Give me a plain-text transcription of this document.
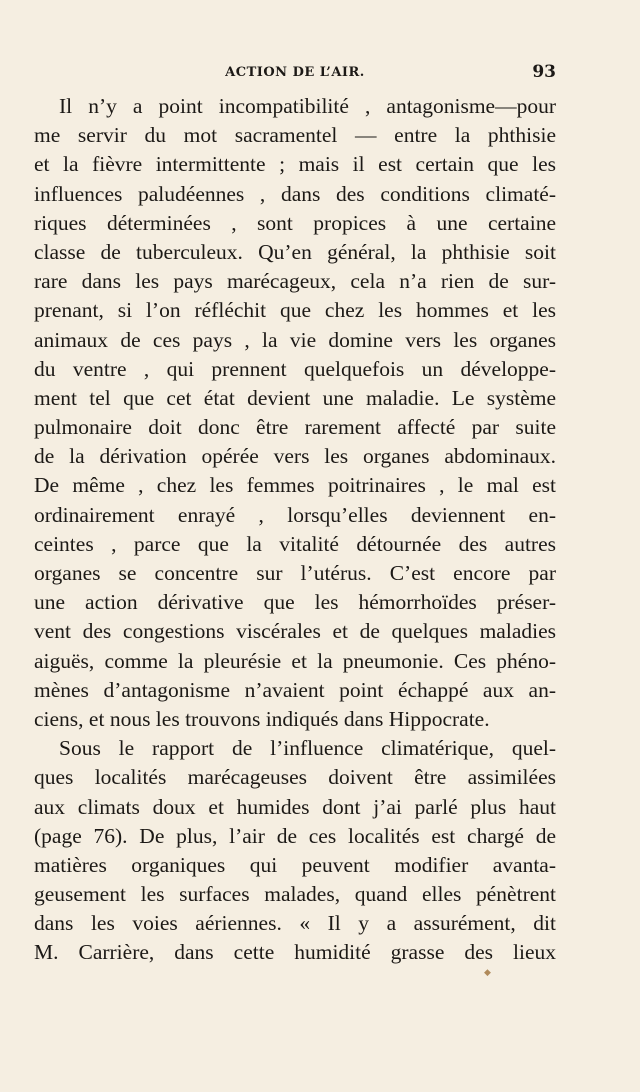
ACTION DE L’AIR.	93
Il n’y a point incompatibilité , antagonisme—pour
me servir du mot sacramentel — entre la phthisie
et la fièvre intermittente ; mais il est certain que les
influences paludéennes , dans des conditions climaté-
riques déterminées , sont propices à une certaine
classe de tuberculeux. Qu’en général, la phthisie soit
rare dans les pays marécageux, cela n’a rien de sur-
prenant, si l’on réfléchit que chez les hommes et les
animaux de ces pays , la vie domine vers les organes
du ventre , qui prennent quelquefois un développe-
ment tel que cet état devient une maladie. Le système
pulmonaire doit donc être rarement affecté par suite
de la dérivation opérée vers les organes abdominaux.
De même , chez les femmes poitrinaires , le mal est
ordinairement enrayé , lorsqu’elles deviennent en-
ceintes , parce que la vitalité détournée des autres
organes se concentre sur l’utérus. C’est encore par
une action dérivative que les hémorrhoïdes préser-
vent des congestions viscérales et de quelques maladies
aiguës, comme la pleurésie et la pneumonie. Ces phéno-
mènes d’antagonisme n’avaient point échappé aux an-
ciens, et nous les trouvons indiqués dans Hippocrate.
Sous le rapport de l’influence climatérique, quel-
ques localités marécageuses doivent être assimilées
aux climats doux et humides dont j’ai parlé plus haut
(page 76). De plus, l’air de ces localités est chargé de
matières organiques qui peuvent modifier avanta-
geusement les surfaces malades, quand elles pénètrent
dans les voies aériennes. « Il y a assurément, dit
M. Carrière, dans cette humidité grasse des lieux
◆
